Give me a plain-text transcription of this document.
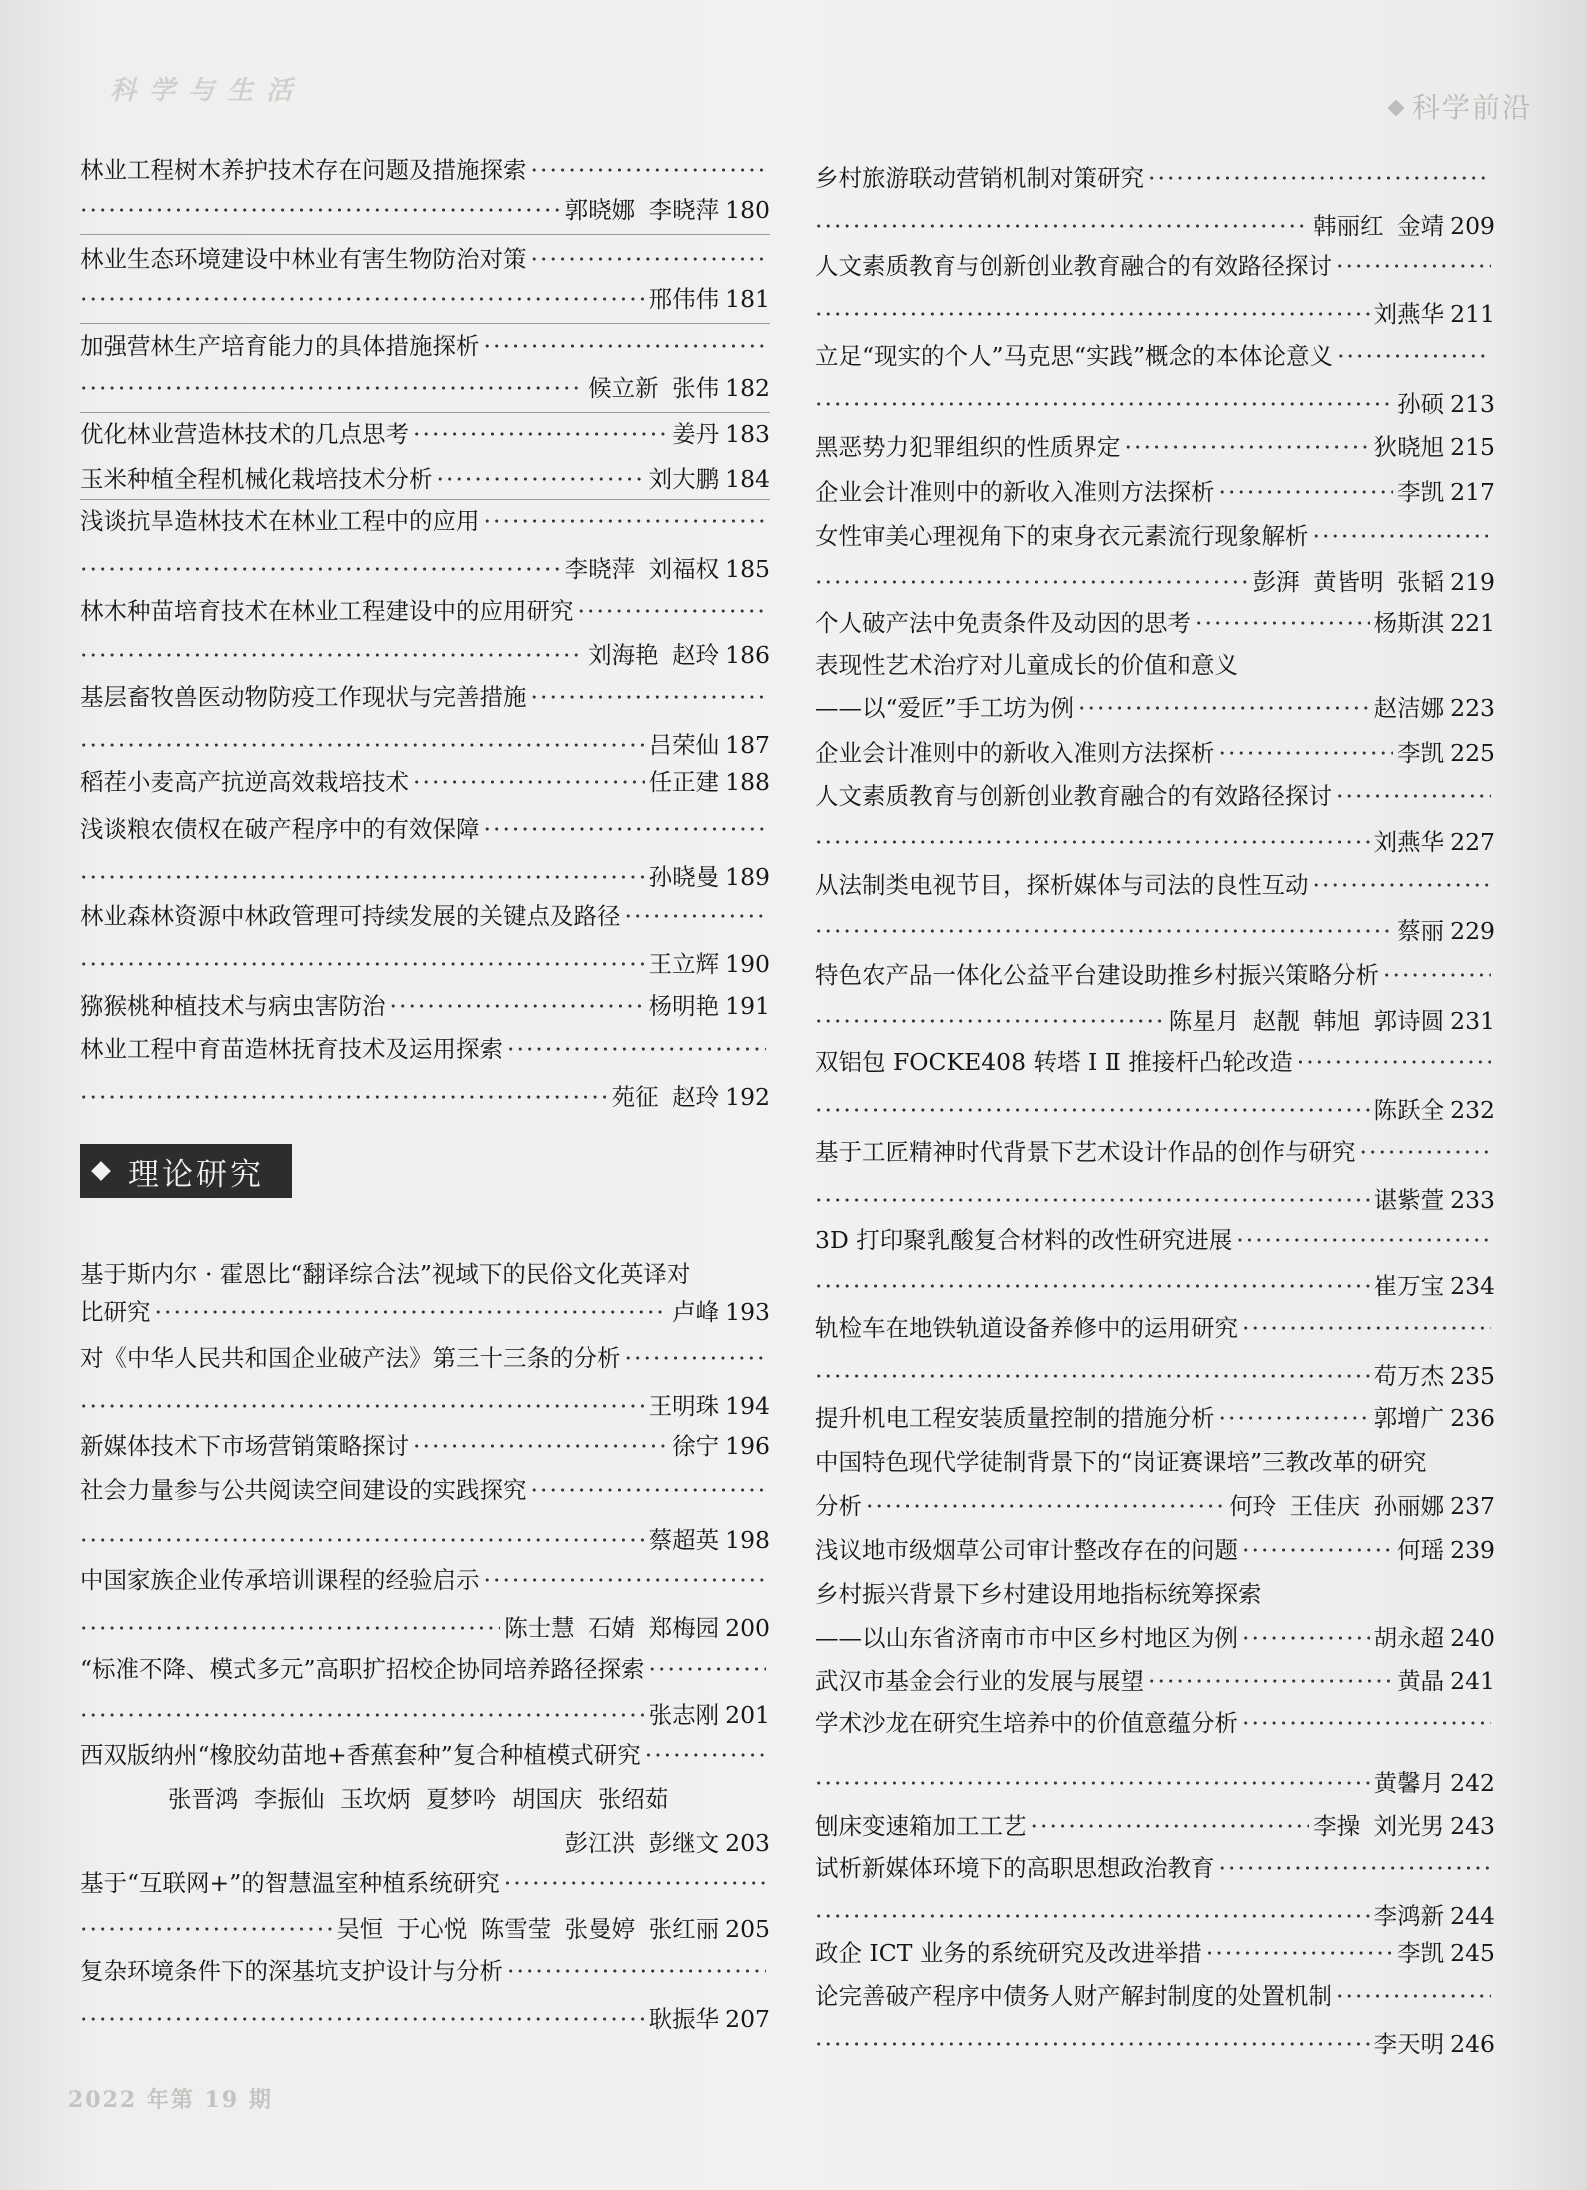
科 学 与 生 活	科学前沿
2022 年第 19 期
理论研究
林业工程树木养护技术存在问题及措施探索
·····
·····
郭晓娜 李晓萍 180
林业生态环境建设中林业有害生物防治对策
·····
·····
邢伟伟 181
加强营林生产培育能力的具体措施探析
·····
·····
候立新 张伟 182
优化林业营造林技术的几点思考 ·····	姜丹 183
玉米种植全程机械化栽培技术分析 ·····	刘大鹏 184
浅谈抗旱造林技术在林业工程中的应用
·····
·····
李晓萍 刘福权 185
林木种苗培育技术在林业工程建设中的应用研究
·····
·····
刘海艳 赵玲 186
基层畜牧兽医动物防疫工作现状与完善措施
·····
·····
吕荣仙 187
稻茬小麦高产抗逆高效栽培技术 ·····	任正建 188
浅谈粮农债权在破产程序中的有效保障
·····
·····
孙晓曼 189
林业森林资源中林政管理可持续发展的关键点及路径
·····
·····
王立辉 190
猕猴桃种植技术与病虫害防治 ·····	杨明艳 191
林业工程中育苗造林抚育技术及运用探索
·····
·····
苑征 赵玲 192
基于斯内尔 · 霍恩比“翻译综合法”视域下的民俗文化英译对
比研究 ·····	卢峰 193
对《中华人民共和国企业破产法》第三十三条的分析
·····
·····
王明珠 194
新媒体技术下市场营销策略探讨 ·····	徐宁 196
社会力量参与公共阅读空间建设的实践探究
·····
·····
蔡超英 198
中国家族企业传承培训课程的经验启示
·····
·····
陈士慧 石婧 郑梅园 200
“标准不降、模式多元”高职扩招校企协同培养路径探索
·····
·····
张志刚 201
西双版纳州“橡胶幼苗地+香蕉套种”复合种植模式研究
·····
张晋鸿 李振仙 玉坎炳 夏梦吟 胡国庆 张绍茹
彭江洪 彭继文 203
基于“互联网+”的智慧温室种植系统研究
·····
·····
吴恒 于心悦 陈雪莹 张曼婷 张红丽 205
复杂环境条件下的深基坑支护设计与分析
·····
·····
耿振华 207
乡村旅游联动营销机制对策研究
·····
·····
韩丽红 金靖 209
人文素质教育与创新创业教育融合的有效路径探讨
·····
·····
刘燕华 211
立足“现实的个人”马克思“实践”概念的本体论意义
·····
·····
孙硕 213
黑恶势力犯罪组织的性质界定 ·····	狄晓旭 215
企业会计准则中的新收入准则方法探析 ·····	李凯 217
女性审美心理视角下的束身衣元素流行现象解析
·····
·····
彭湃 黄皆明 张韬 219
个人破产法中免责条件及动因的思考 ·····	杨斯淇 221
表现性艺术治疗对儿童成长的价值和意义
——以“爱匠”手工坊为例 ·····	赵洁娜 223
企业会计准则中的新收入准则方法探析 ·····	李凯 225
人文素质教育与创新创业教育融合的有效路径探讨
·····
·····
刘燕华 227
从法制类电视节目，探析媒体与司法的良性互动
·····
·····
蔡丽 229
特色农产品一体化公益平台建设助推乡村振兴策略分析
·····
·····
陈星月 赵靓 韩旭 郭诗圆 231
双铝包 FOCKE408 转塔 Ⅰ Ⅱ 推接杆凸轮改造
·····
·····
陈跃全 232
基于工匠精神时代背景下艺术设计作品的创作与研究
·····
·····
谌紫萱 233
3D 打印聚乳酸复合材料的改性研究进展
·····
·····
崔万宝 234
轨检车在地铁轨道设备养修中的运用研究
·····
·····
苟万杰 235
提升机电工程安装质量控制的措施分析 ·····	郭增广 236
中国特色现代学徒制背景下的“岗证赛课培”三教改革的研究
分析 ·····	何玲 王佳庆 孙丽娜 237
浅议地市级烟草公司审计整改存在的问题 ·····	何瑶 239
乡村振兴背景下乡村建设用地指标统筹探索
——以山东省济南市市中区乡村地区为例 ·····	胡永超 240
武汉市基金会行业的发展与展望 ·····	黄晶 241
学术沙龙在研究生培养中的价值意蕴分析
·····
·····
黄馨月 242
刨床变速箱加工工艺 ·····	李操 刘光男 243
试析新媒体环境下的高职思想政治教育
·····
·····
李鸿新 244
政企 ICT 业务的系统研究及改进举措 ·····	李凯 245
论完善破产程序中债务人财产解封制度的处置机制
·····
·····
李天明 246
